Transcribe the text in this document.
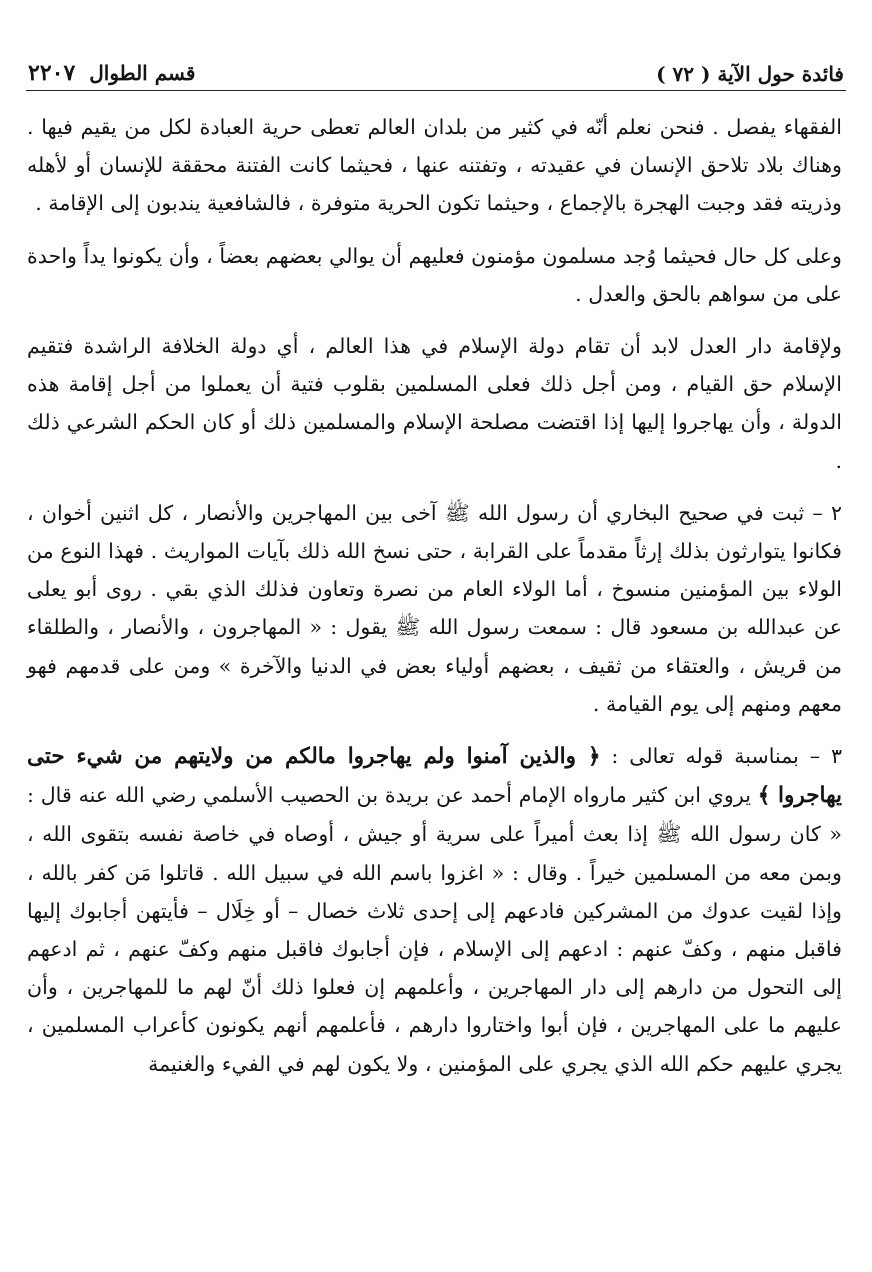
فائدة حول الآية ( ٧٢ )
قسم الطوال
٢٢٠٧

الفقهاء يفصل . فنحن نعلم أنّه في كثير من بلدان العالم تعطى حرية العبادة لكل من يقيم فيها . وهناك بلاد تلاحق الإنسان في عقيدته ، وتفتنه عنها ، فحيثما كانت الفتنة محققة للإنسان أو لأهله وذريته فقد وجبت الهجرة بالإجماع ، وحيثما تكون الحرية متوفرة ، فالشافعية يندبون إلى الإقامة .

وعلى كل حال فحيثما وُجد مسلمون مؤمنون فعليهم أن يوالي بعضهم بعضاً ، وأن يكونوا يداً واحدة على من سواهم بالحق والعدل .

ولإقامة دار العدل لابد أن تقام دولة الإسلام في هذا العالم ، أي دولة الخلافة الراشدة فتقيم الإسلام حق القيام ، ومن أجل ذلك فعلى المسلمين بقلوب فتية أن يعملوا من أجل إقامة هذه الدولة ، وأن يهاجروا إليها إذا اقتضت مصلحة الإسلام والمسلمين ذلك أو كان الحكم الشرعي ذلك .

٢ – ثبت في صحيح البخاري أن رسول الله ﷺ آخى بين المهاجرين والأنصار ، كل اثنين أخوان ، فكانوا يتوارثون بذلك إرثاً مقدماً على القرابة ، حتى نسخ الله ذلك بآيات المواريث . فهذا النوع من الولاء بين المؤمنين منسوخ ، أما الولاء العام من نصرة وتعاون فذلك الذي بقي . روى أبو يعلى عن عبدالله بن مسعود قال : سمعت رسول الله ﷺ يقول : « المهاجرون ، والأنصار ، والطلقاء من قريش ، والعتقاء من ثقيف ، بعضهم أولياء بعض في الدنيا والآخرة » ومن على قدمهم فهو معهم ومنهم إلى يوم القيامة .

٣ – بمناسبة قوله تعالى : ﴿ والذين آمنوا ولم يهاجروا مالكم من ولايتهم من شيء حتى يهاجروا ﴾ يروي ابن كثير مارواه الإمام أحمد عن بريدة بن الحصيب الأسلمي رضي الله عنه قال : « كان رسول الله ﷺ إذا بعث أميراً على سرية أو جيش ، أوصاه في خاصة نفسه بتقوى الله ، وبمن معه من المسلمين خيراً . وقال : « اغزوا باسم الله في سبيل الله . قاتلوا مَن كفر بالله ، وإذا لقيت عدوك من المشركين فادعهم إلى إحدى ثلاث خصال – أو خِلَال – فأيتهن أجابوك إليها فاقبل منهم ، وكفّ عنهم : ادعهم إلى الإسلام ، فإن أجابوك فاقبل منهم وكفّ عنهم ، ثم ادعهم إلى التحول من دارهم إلى دار المهاجرين ، وأعلمهم إن فعلوا ذلك أنّ لهم ما للمهاجرين ، وأن عليهم ما على المهاجرين ، فإن أبوا واختاروا دارهم ، فأعلمهم أنهم يكونون كأعراب المسلمين ، يجري عليهم حكم الله الذي يجري على المؤمنين ، ولا يكون لهم في الفيء والغنيمة
